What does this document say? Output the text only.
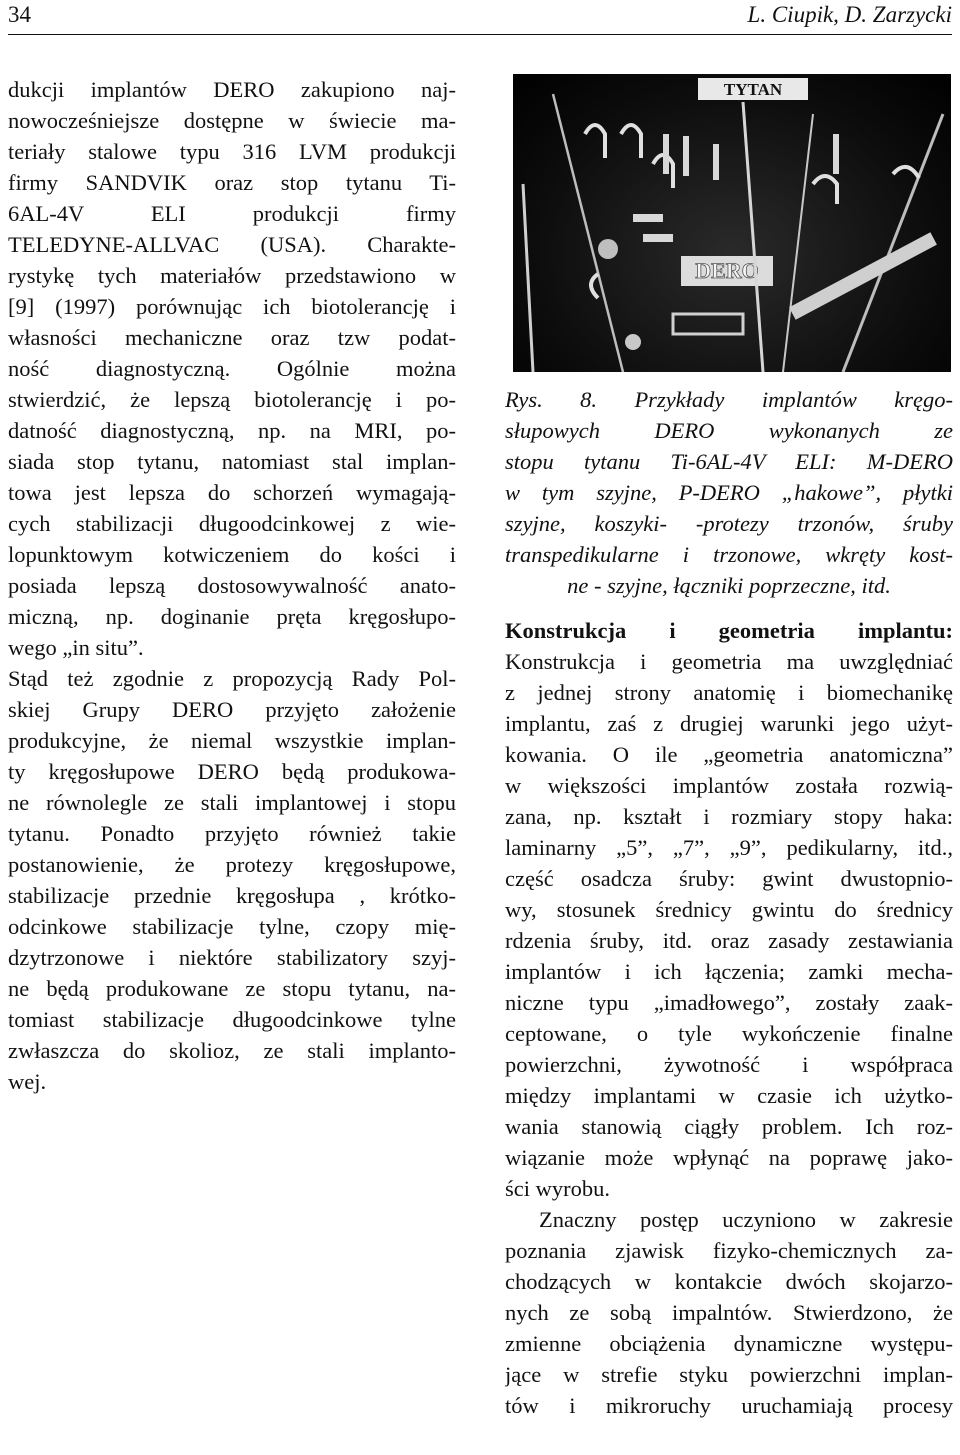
34	L. Ciupik, D. Zarzycki
dukcji implantów DERO zakupiono naj-
nowocześniejsze dostępne w świecie ma-
teriały stalowe typu 316 LVM produkcji
firmy SANDVIK oraz stop tytanu Ti-
6AL-4V ELI produkcji firmy
TELEDYNE-ALLVAC (USA). Charakte-
rystykę tych materiałów przedstawiono w
[9] (1997) porównując ich biotolerancję i
własności mechaniczne oraz tzw podat-
ność diagnostyczną. Ogólnie można
stwierdzić, że lepszą biotolerancję i po-
datność diagnostyczną, np. na MRI, po-
siada stop tytanu, natomiast stal implan-
towa jest lepsza do schorzeń wymagają-
cych stabilizacji długoodcinkowej z wie-
lopunktowym kotwiczeniem do kości i
posiada lepszą dostosowywalność anato-
miczną, np. doginanie pręta kręgosłupo-
wego „in situ”.
Stąd też zgodnie z propozycją Rady Pol-
skiej Grupy DERO przyjęto założenie
produkcyjne, że niemal wszystkie implan-
ty kręgosłupowe DERO będą produkowa-
ne równolegle ze stali implantowej i stopu
tytanu. Ponadto przyjęto również takie
postanowienie, że protezy kręgosłupowe,
stabilizacje przednie kręgosłupa , krótko-
odcinkowe stabilizacje tylne, czopy mię-
dzytrzonowe i niektóre stabilizatory szyj-
ne będą produkowane ze stopu tytanu, na-
tomiast stabilizacje długoodcinkowe tylne
zwłaszcza do skolioz, ze stali implanto-
wej.
TYTAN
DERO
Rys. 8. Przykłady implantów kręgo-
słupowych DERO wykonanych ze
stopu tytanu Ti-6AL-4V ELI: M-DERO
w tym szyjne, P-DERO „hakowe”, płytki
szyjne, koszyki- -protezy trzonów, śruby
transpedikularne i trzonowe, wkręty kost-
ne - szyjne, łączniki poprzeczne, itd.
Konstrukcja i geometria implantu:
Konstrukcja i geometria ma uwzględniać
z jednej strony anatomię i biomechanikę
implantu, zaś z drugiej warunki jego użyt-
kowania. O ile „geometria anatomiczna”
w większości implantów została rozwią-
zana, np. kształt i rozmiary stopy haka:
laminarny „5”, „7”, „9”, pedikularny, itd.,
część osadcza śruby: gwint dwustopnio-
wy, stosunek średnicy gwintu do średnicy
rdzenia śruby, itd. oraz zasady zestawiania
implantów i ich łączenia; zamki mecha-
niczne typu „imadłowego”, zostały zaak-
ceptowane, o tyle wykończenie finalne
powierzchni, żywotność i współpraca
między implantami w czasie ich użytko-
wania stanowią ciągły problem. Ich roz-
wiązanie może wpłynąć na poprawę jako-
ści wyrobu.
Znaczny postęp uczyniono w zakresie
poznania zjawisk fizyko-chemicznych za-
chodzących w kontakcie dwóch skojarzo-
nych ze sobą impalntów. Stwierdzono, że
zmienne obciążenia dynamiczne występu-
jące w strefie styku powierzchni implan-
tów i mikroruchy uruchamiają procesy
